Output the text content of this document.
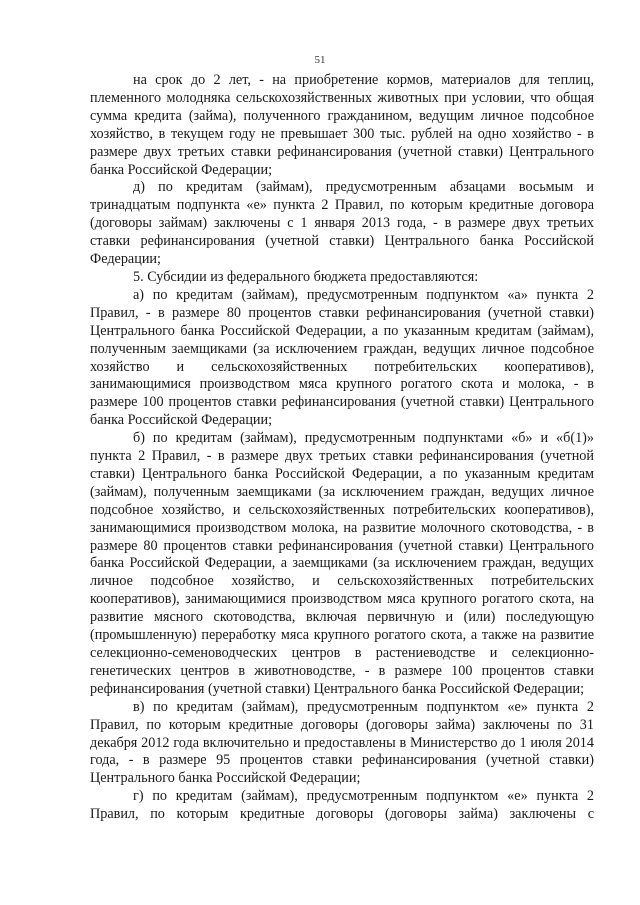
51

на срок до 2 лет, - на приобретение кормов, материалов для теплиц, племенного молодняка сельскохозяйственных животных при условии, что общая сумма кредита (займа), полученного гражданином, ведущим личное подсобное хозяйство, в текущем году не превышает 300 тыс. рублей на одно хозяйство - в размере двух третьих ставки рефинансирования (учетной ставки) Центрального банка Российской Федерации;

д) по кредитам (займам), предусмотренным абзацами восьмым и тринадцатым подпункта «е» пункта 2 Правил, по которым кредитные договора (договоры займам) заключены с 1 января 2013 года, - в размере двух третьих ставки рефинансирования (учетной ставки) Центрального банка Российской Федерации;

5. Субсидии из федерального бюджета предоставляются:

а) по кредитам (займам), предусмотренным подпунктом «а» пункта 2 Правил, - в размере 80 процентов ставки рефинансирования (учетной ставки) Центрального банка Российской Федерации, а по указанным кредитам (займам), полученным заемщиками (за исключением граждан, ведущих личное подсобное хозяйство и сельскохозяйственных потребительских кооперативов), занимающимися производством мяса крупного рогатого скота и молока, - в размере 100 процентов ставки рефинансирования (учетной ставки) Центрального банка Российской Федерации;

б) по кредитам (займам), предусмотренным подпунктами «б» и «б(1)» пункта 2 Правил, - в размере двух третьих ставки рефинансирования (учетной ставки) Центрального банка Российской Федерации, а по указанным кредитам (займам), полученным заемщиками (за исключением граждан, ведущих личное подсобное хозяйство, и сельскохозяйственных потребительских кооперативов), занимающимися производством молока, на развитие молочного скотоводства, - в размере 80 процентов ставки рефинансирования (учетной ставки) Центрального банка Российской Федерации, а заемщиками (за исключением граждан, ведущих личное подсобное хозяйство, и сельскохозяйственных потребительских кооперативов), занимающимися производством мяса крупного рогатого скота, на развитие мясного скотоводства, включая первичную и (или) последующую (промышленную) переработку мяса крупного рогатого скота, а также на развитие селекционно-семеноводческих центров в растениеводстве и селекционно-генетических центров в животноводстве, - в размере 100 процентов ставки рефинансирования (учетной ставки) Центрального банка Российской Федерации;

в) по кредитам (займам), предусмотренным подпунктом «е» пункта 2 Правил, по которым кредитные договоры (договоры займа) заключены по 31 декабря 2012 года включительно и предоставлены в Министерство до 1 июля 2014 года, - в размере 95 процентов ставки рефинансирования (учетной ставки) Центрального банка Российской Федерации;

г) по кредитам (займам), предусмотренным подпунктом «е» пункта 2 Правил, по которым кредитные договоры (договоры займа) заключены с
